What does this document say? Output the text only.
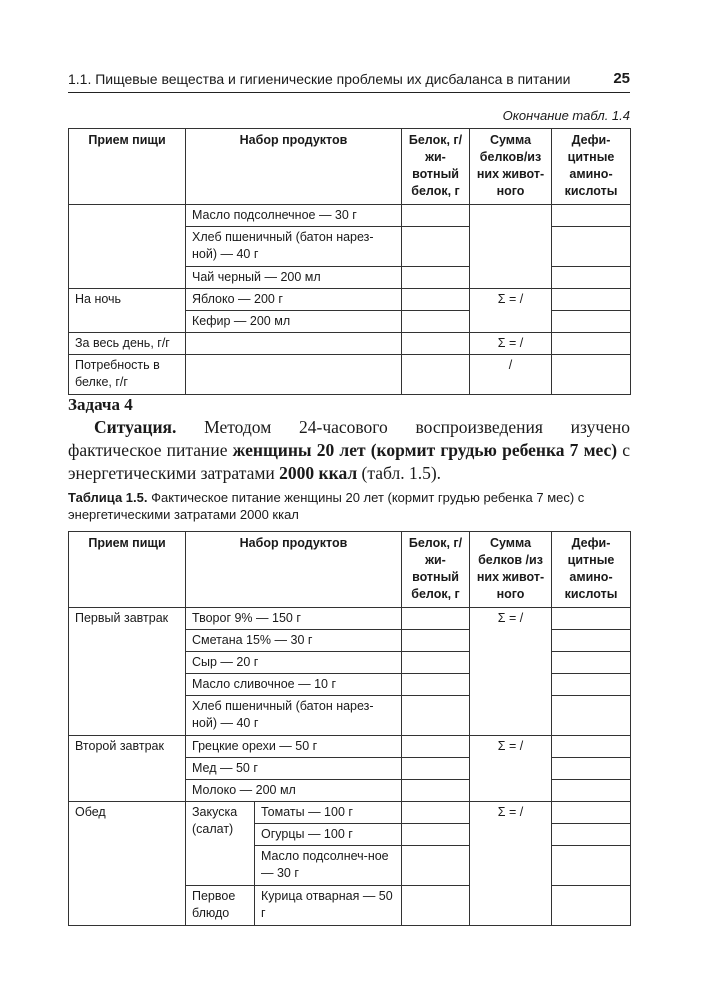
1.1. Пищевые вещества и гигиенические проблемы их дисбаланса в питании	25
Окончание табл. 1.4
Прием пищи	Набор продуктов	Белок, г/жи-вотный белок, г	Сумма белков/из них живот-ного	Дефи-цитные амино-кислоты
	Масло подсолнечное — 30 г			
	Хлеб пшеничный (батон нарез-ной) — 40 г			
	Чай черный — 200 мл			
На ночь	Яблоко — 200 г		Σ = /	
	Кефир — 200 мл			
За весь день, г/г			Σ = /	
Потребность в белке, г/г			/	
Задача 4

Ситуация. Методом 24-часового воспроизведения изучено фактическое питание женщины 20 лет (кормит грудью ребенка 7 мес) с энергетическими затратами 2000 ккал (табл. 1.5).

Таблица 1.5. Фактическое питание женщины 20 лет (кормит грудью ребенка 7 мес) с энергетическими затратами 2000 ккал

Прием пищи	Набор продуктов		Белок, г/жи-вотный белок, г	Сумма белков /из них живот-ного	Дефи-цитные амино-кислоты
Первый завтрак	Творог 9% — 150 г			Σ = /	
	Сметана 15% — 30 г				
	Сыр — 20 г				
	Масло сливочное — 10 г				
	Хлеб пшеничный (батон нарез-ной) — 40 г				
Второй завтрак	Грецкие орехи — 50 г			Σ = /	
	Мед — 50 г				
	Молоко — 200 мл				
Обед	Закуска (салат)	Томаты — 100 г		Σ = /	
		Огурцы — 100 г			
		Масло подсолнеч-ное — 30 г			
	Первое блюдо	Курица отварная — 50 г			
